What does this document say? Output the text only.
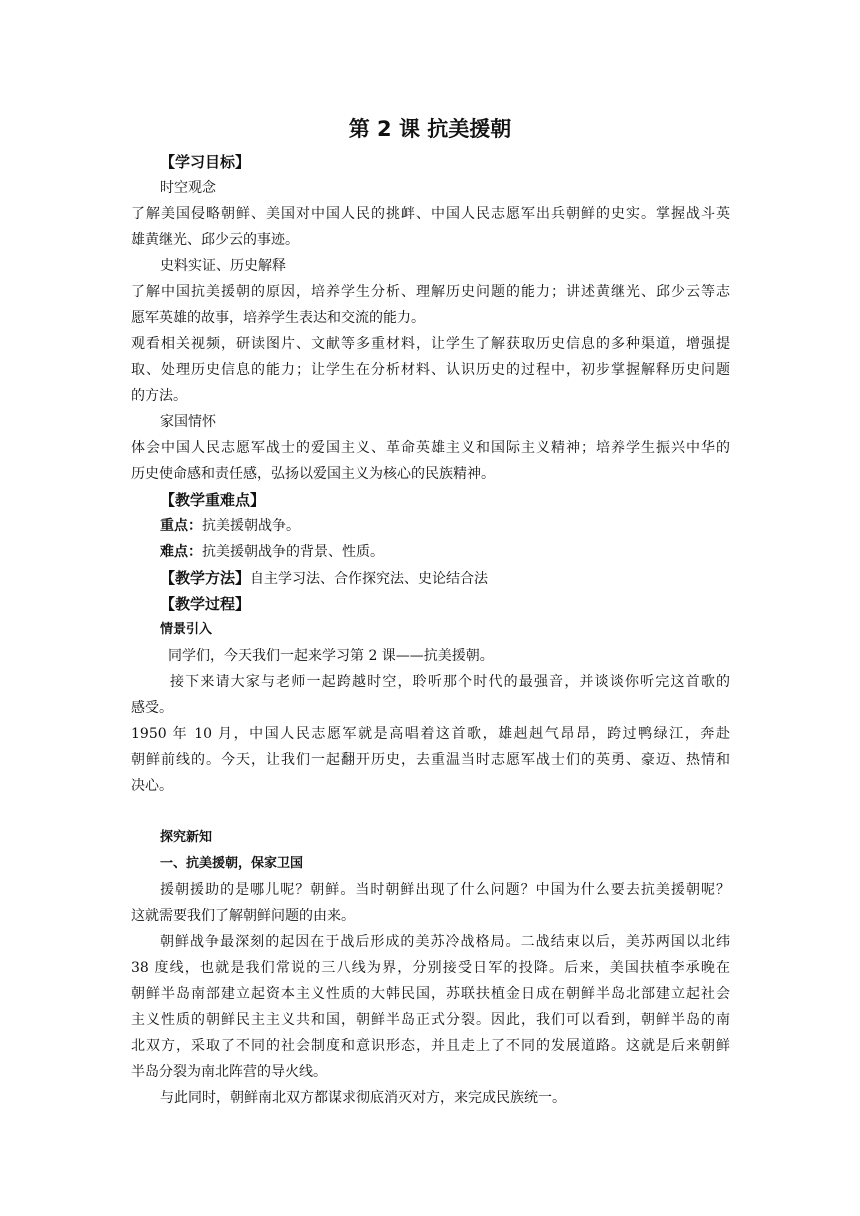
第 2 课 抗美援朝
【学习目标】
时空观念
了解美国侵略朝鲜、美国对中国人民的挑衅、中国人民志愿军出兵朝鲜的史实。掌握战斗英
雄黄继光、邱少云的事迹。
史料实证、历史解释
了解中国抗美援朝的原因，培养学生分析、理解历史问题的能力；讲述黄继光、邱少云等志
愿军英雄的故事，培养学生表达和交流的能力。
观看相关视频，研读图片、文献等多重材料，让学生了解获取历史信息的多种渠道，增强提
取、处理历史信息的能力；让学生在分析材料、认识历史的过程中，初步掌握解释历史问题
的方法。
家国情怀
体会中国人民志愿军战士的爱国主义、革命英雄主义和国际主义精神；培养学生振兴中华的
历史使命感和责任感，弘扬以爱国主义为核心的民族精神。
【教学重难点】
重点：抗美援朝战争。
难点：抗美援朝战争的背景、性质。
【教学方法】自主学习法、合作探究法、史论结合法
【教学过程】
情景引入
同学们，今天我们一起来学习第 2 课——抗美援朝。
接下来请大家与老师一起跨越时空，聆听那个时代的最强音，并谈谈你听完这首歌的
感受。
1950 年 10 月，中国人民志愿军就是高唱着这首歌，雄赳赳气昂昂，跨过鸭绿江，奔赴
朝鲜前线的。今天，让我们一起翻开历史，去重温当时志愿军战士们的英勇、豪迈、热情和
决心。
探究新知
一、抗美援朝，保家卫国
援朝援助的是哪儿呢？朝鲜。当时朝鲜出现了什么问题？中国为什么要去抗美援朝呢？
这就需要我们了解朝鲜问题的由来。
朝鲜战争最深刻的起因在于战后形成的美苏冷战格局。二战结束以后，美苏两国以北纬
38 度线，也就是我们常说的三八线为界，分别接受日军的投降。后来，美国扶植李承晚在
朝鲜半岛南部建立起资本主义性质的大韩民国，苏联扶植金日成在朝鲜半岛北部建立起社会
主义性质的朝鲜民主主义共和国，朝鲜半岛正式分裂。因此，我们可以看到，朝鲜半岛的南
北双方，采取了不同的社会制度和意识形态，并且走上了不同的发展道路。这就是后来朝鲜
半岛分裂为南北阵营的导火线。
与此同时，朝鲜南北双方都谋求彻底消灭对方，来完成民族统一。
